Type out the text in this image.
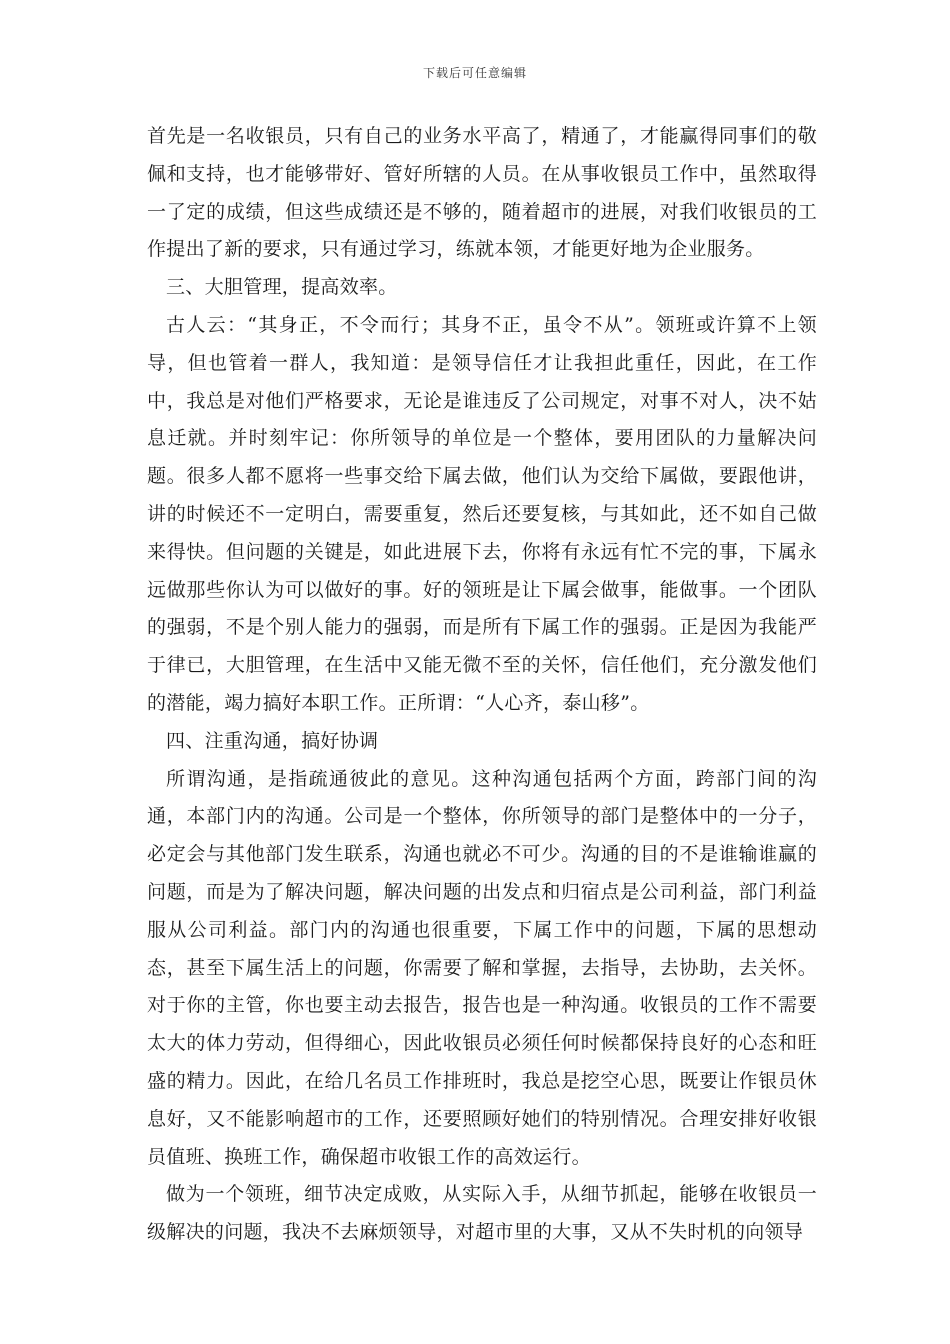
下载后可任意编辑

首先是一名收银员，只有自己的业务水平高了，精通了，才能赢得同事们的敬佩和支持，也才能够带好、管好所辖的人员。在从事收银员工作中，虽然取得一了定的成绩，但这些成绩还是不够的，随着超市的进展，对我们收银员的工作提出了新的要求，只有通过学习，练就本领，才能更好地为企业服务。

三、大胆管理，提高效率。

古人云：“其身正，不令而行；其身不正，虽令不从”。领班或许算不上领导，但也管着一群人，我知道：是领导信任才让我担此重任，因此，在工作中，我总是对他们严格要求，无论是谁违反了公司规定，对事不对人，决不姑息迁就。并时刻牢记：你所领导的单位是一个整体，要用团队的力量解决问题。很多人都不愿将一些事交给下属去做，他们认为交给下属做，要跟他讲，讲的时候还不一定明白，需要重复，然后还要复核，与其如此，还不如自己做来得快。但问题的关键是，如此进展下去，你将有永远有忙不完的事，下属永远做那些你认为可以做好的事。好的领班是让下属会做事，能做事。一个团队的强弱，不是个别人能力的强弱，而是所有下属工作的强弱。正是因为我能严于律已，大胆管理，在生活中又能无微不至的关怀，信任他们，充分激发他们的潜能，竭力搞好本职工作。正所谓：“人心齐，泰山移”。

四、注重沟通，搞好协调

所谓沟通，是指疏通彼此的意见。这种沟通包括两个方面，跨部门间的沟通，本部门内的沟通。公司是一个整体，你所领导的部门是整体中的一分子，必定会与其他部门发生联系，沟通也就必不可少。沟通的目的不是谁输谁赢的问题，而是为了解决问题，解决问题的出发点和归宿点是公司利益，部门利益服从公司利益。部门内的沟通也很重要，下属工作中的问题，下属的思想动态，甚至下属生活上的问题，你需要了解和掌握，去指导，去协助，去关怀。对于你的主管，你也要主动去报告，报告也是一种沟通。收银员的工作不需要太大的体力劳动，但得细心，因此收银员必须任何时候都保持良好的心态和旺盛的精力。因此，在给几名员工作排班时，我总是挖空心思，既要让作银员休息好，又不能影响超市的工作，还要照顾好她们的特别情况。合理安排好收银员值班、换班工作，确保超市收银工作的高效运行。

做为一个领班，细节决定成败，从实际入手，从细节抓起，能够在收银员一级解决的问题，我决不去麻烦领导，对超市里的大事，又从不失时机的向领导
